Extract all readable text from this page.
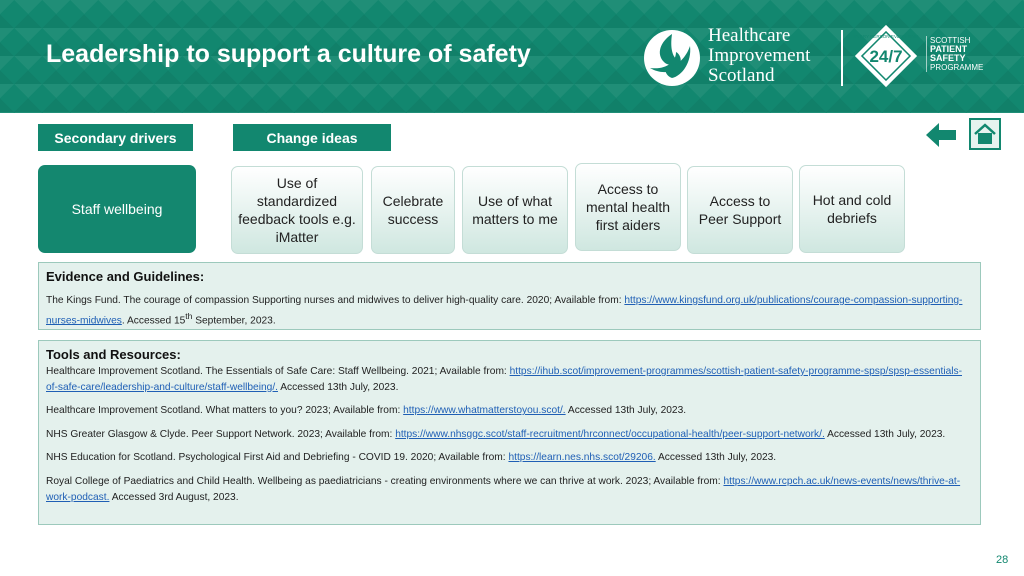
Leadership to support a culture of safety
Healthcare
Improvement
Scotland
24/7
EVERY PERSON EVERY TIME SCOTTISH
PATIENT
SAFETY
PROGRAMME
Secondary drivers	Change ideas
Staff wellbeing
Use of standardized feedback tools e.g. iMatter
Celebrate success
Use of what matters to me
Access to mental health first aiders
Access to Peer Support
Hot and cold debriefs
Evidence and Guidelines:
The Kings Fund. The courage of compassion Supporting nurses and midwives to deliver high-quality care. 2020; Available from: https://www.kingsfund.org.uk/publications/courage-compassion-supporting-nurses-midwives. Accessed 15th September, 2023.
Tools and Resources:
Healthcare Improvement Scotland. The Essentials of Safe Care: Staff Wellbeing. 2021; Available from: https://ihub.scot/improvement-programmes/scottish-patient-safety-programme-spsp/spsp-essentials-of-safe-care/leadership-and-culture/staff-wellbeing/. Accessed 13th July, 2023.
Healthcare Improvement Scotland. What matters to you? 2023; Available from: https://www.whatmatterstoyou.scot/. Accessed 13th July, 2023.
NHS Greater Glasgow & Clyde. Peer Support Network. 2023; Available from: https://www.nhsggc.scot/staff-recruitment/hrconnect/occupational-health/peer-support-network/. Accessed 13th July, 2023.
NHS Education for Scotland. Psychological First Aid and Debriefing - COVID 19. 2020; Available from: https://learn.nes.nhs.scot/29206. Accessed 13th July, 2023.
Royal College of Paediatrics and Child Health. Wellbeing as paediatricians - creating environments where we can thrive at work. 2023; Available from: https://www.rcpch.ac.uk/news-events/news/thrive-at-work-podcast. Accessed 3rd August, 2023.
28
